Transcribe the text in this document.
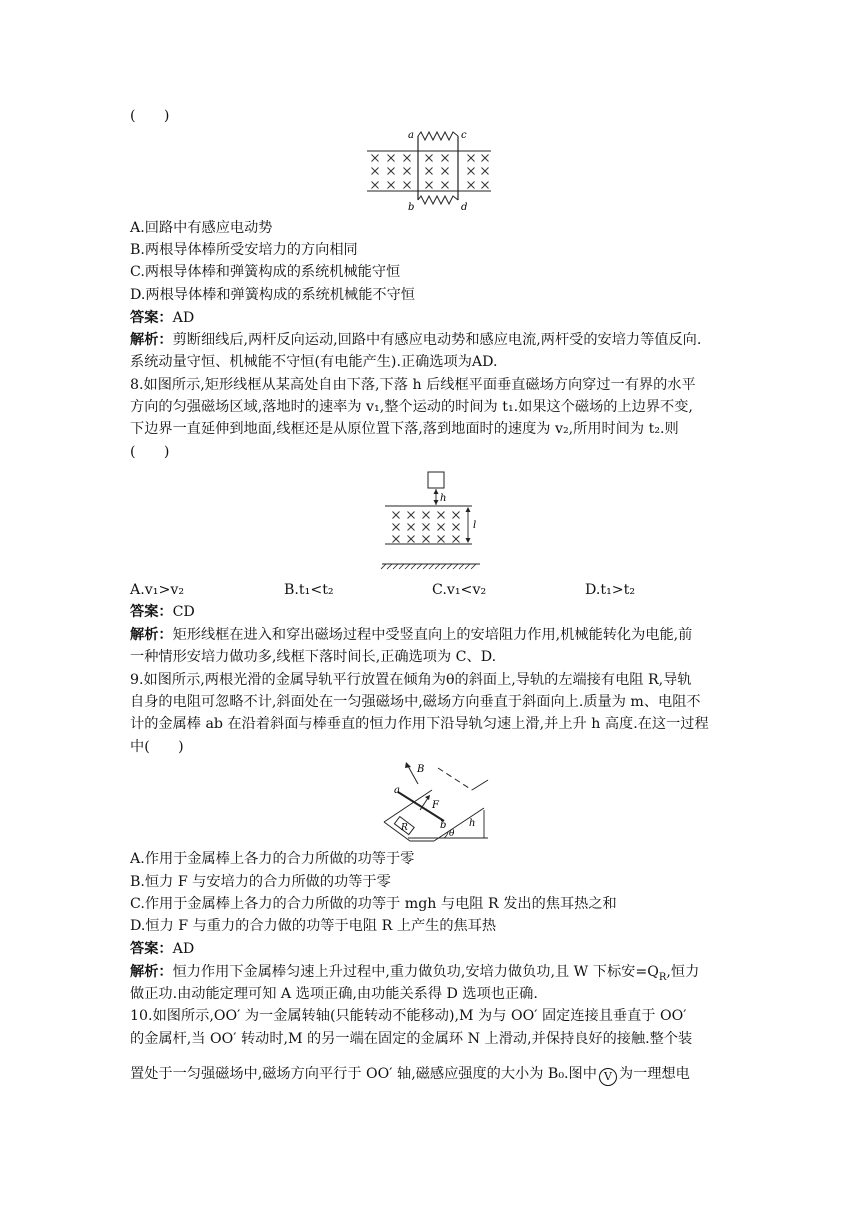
(　　)
a	c
b	d
A.回路中有感应电动势
B.两根导体棒所受安培力的方向相同
C.两根导体棒和弹簧构成的系统机械能守恒
D.两根导体棒和弹簧构成的系统机械能不守恒
答案：AD
解析：剪断细线后,两杆反向运动,回路中有感应电动势和感应电流,两杆受的安培力等值反向.
系统动量守恒、机械能不守恒(有电能产生).正确选项为AD.
8.如图所示,矩形线框从某高处自由下落,下落 h 后线框平面垂直磁场方向穿过一有界的水平
方向的匀强磁场区域,落地时的速率为 v₁,整个运动的时间为 t₁.如果这个磁场的上边界不变,
下边界一直延伸到地面,线框还是从原位置下落,落到地面时的速度为 v₂,所用时间为 t₂.则
(　　)
h
l
A.v₁>v₂	B.t₁<t₂	C.v₁<v₂	D.t₁>t₂
答案：CD
解析：矩形线框在进入和穿出磁场过程中受竖直向上的安培阻力作用,机械能转化为电能,前
一种情形安培力做功多,线框下落时间长,正确选项为 C、D.
9.如图所示,两根光滑的金属导轨平行放置在倾角为θ的斜面上,导轨的左端接有电阻 R,导轨
自身的电阻可忽略不计,斜面处在一匀强磁场中,磁场方向垂直于斜面向上.质量为 m、电阻不
计的金属棒 ab 在沿着斜面与棒垂直的恒力作用下沿导轨匀速上滑,并上升 h 高度.在这一过程
中(　　)
R
F
B
h
a
b
θ
A.作用于金属棒上各力的合力所做的功等于零
B.恒力 F 与安培力的合力所做的功等于零
C.作用于金属棒上各力的合力所做的功等于 mgh 与电阻 R 发出的焦耳热之和
D.恒力 F 与重力的合力做的功等于电阻 R 上产生的焦耳热
答案：AD
解析：恒力作用下金属棒匀速上升过程中,重力做负功,安培力做负功,且 W 下标安$=Q_R$,恒力
做正功.由动能定理可知 A 选项正确,由功能关系得 D 选项也正确.
10.如图所示,OO′ 为一金属转轴(只能转动不能移动),M 为与 OO′ 固定连接且垂直于 OO′
的金属杆,当 OO′ 转动时,M 的另一端在固定的金属环 N 上滑动,并保持良好的接触.整个装
置处于一匀强磁场中,磁场方向平行于 OO′ 轴,磁感应强度的大小为 B₀.图中 V 为一理想电
